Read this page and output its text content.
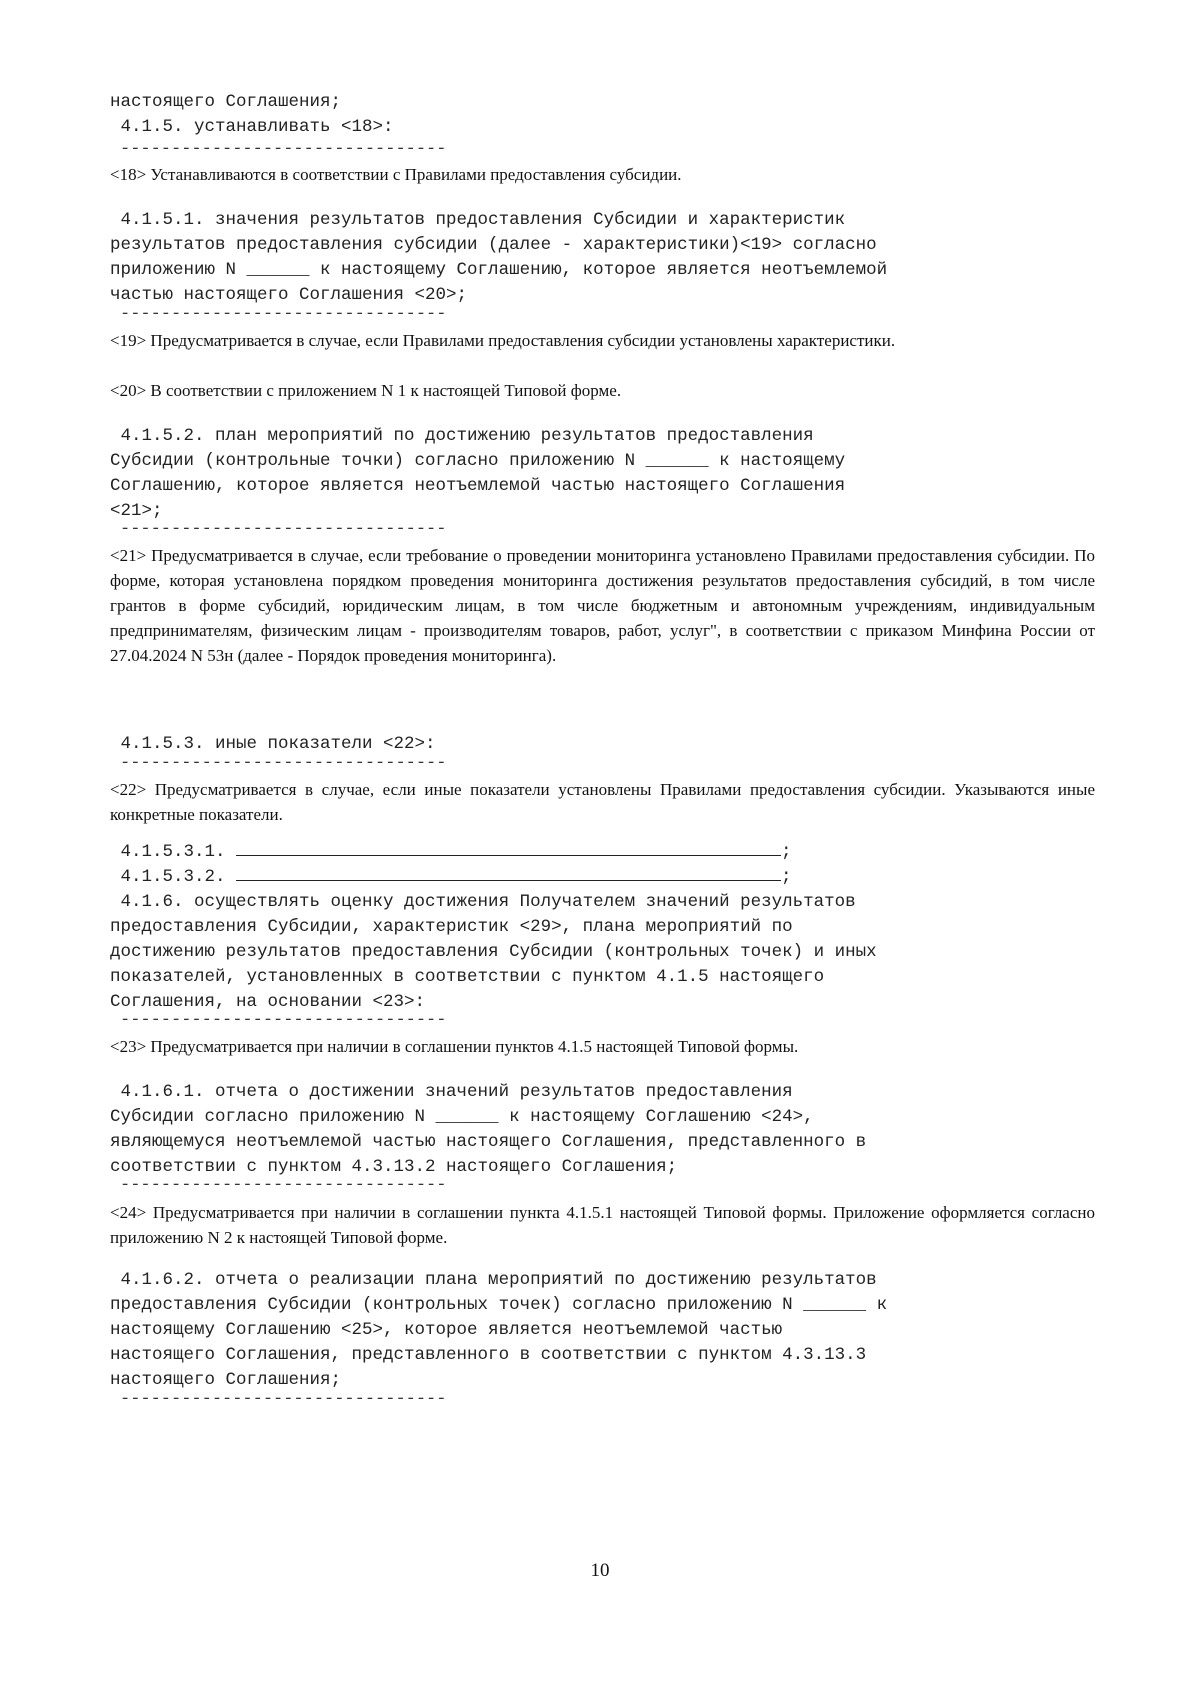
настоящего Соглашения;
4.1.5. устанавливать <18>:
--------------------------------
<18> Устанавливаются в соответствии с Правилами предоставления субсидии.
4.1.5.1. значения результатов предоставления Субсидии и характеристик
результатов предоставления субсидии (далее - характеристики)<19> согласно
приложению N ______ к настоящему Соглашению, которое является неотъемлемой
частью настоящего Соглашения <20>;
--------------------------------
<19> Предусматривается в случае, если Правилами предоставления субсидии установлены характеристики.
<20> В соответствии с приложением N 1 к настоящей Типовой форме.
4.1.5.2. план мероприятий по достижению результатов предоставления
Субсидии (контрольные точки) согласно приложению N ______ к настоящему
Соглашению, которое является неотъемлемой частью настоящего Соглашения
<21>;
--------------------------------
<21> Предусматривается в случае, если требование о проведении мониторинга установлено Правилами предоставления субсидии. По форме, которая установлена порядком проведения мониторинга достижения результатов предоставления субсидий, в том числе грантов в форме субсидий, юридическим лицам, в том числе бюджетным и автономным учреждениям, индивидуальным предпринимателям, физическим лицам - производителям товаров, работ, услуг", в соответствии с приказом Минфина России от 27.04.2024 N 53н (далее - Порядок проведения мониторинга).
4.1.5.3. иные показатели <22>:
--------------------------------
<22> Предусматривается в случае, если иные показатели установлены Правилами предоставления субсидии. Указываются иные конкретные показатели.
4.1.5.3.1.	;
4.1.5.3.2.	;
4.1.6. осуществлять оценку достижения Получателем значений результатов
предоставления Субсидии, характеристик <29>, плана мероприятий по
достижению результатов предоставления Субсидии (контрольных точек) и иных
показателей, установленных в соответствии с пунктом 4.1.5 настоящего
Соглашения, на основании <23>:
--------------------------------
<23> Предусматривается при наличии в соглашении пунктов 4.1.5 настоящей Типовой формы.
4.1.6.1. отчета о достижении значений результатов предоставления
Субсидии согласно приложению N ______ к настоящему Соглашению <24>,
являющемуся неотъемлемой частью настоящего Соглашения, представленного в
соответствии с пунктом 4.3.13.2 настоящего Соглашения;
--------------------------------
<24> Предусматривается при наличии в соглашении пункта 4.1.5.1 настоящей Типовой формы. Приложение оформляется согласно приложению N 2 к настоящей Типовой форме.
4.1.6.2. отчета о реализации плана мероприятий по достижению результатов
предоставления Субсидии (контрольных точек) согласно приложению N ______ к
настоящему Соглашению <25>, которое является неотъемлемой частью
настоящего Соглашения, представленного в соответствии с пунктом 4.3.13.3
настоящего Соглашения;
--------------------------------
10
